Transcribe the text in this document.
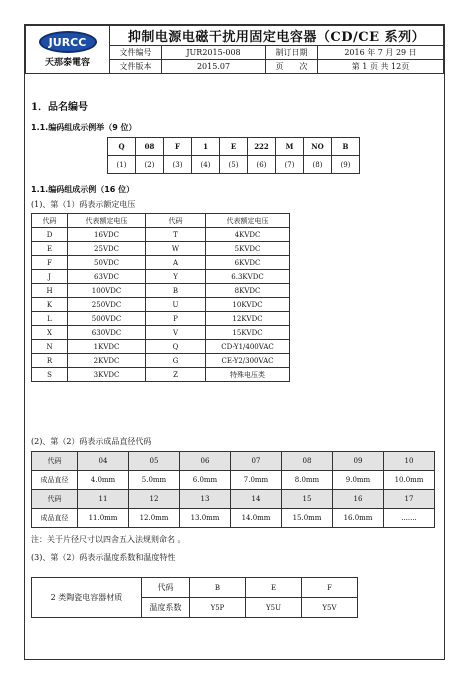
JURCC
天那泰電容	抑制电源电磁干扰用固定电容器（CD/CE 系列）			
	文件编号	JUR2015-008	制订日期	2016 年 7 月 29 日
	文件版本	2015.07	页　　次	第 1 页 共 12页
1．品名编号
1.1.编码组成示例举（9 位）
Q	08	F	1	E	222	M	NO	B
(1)	(2)	(3)	(4)	(5)	(6)	(7)	(8)	(9)
1.1.编码组成示例（16 位）
(1)、第（1）码表示额定电压
代码	代表额定电压	代码	代表额定电压
D	16VDC	T	4KVDC
E	25VDC	W	5KVDC
F	50VDC	A	6KVDC
J	63VDC	Y	6.3KVDC
H	100VDC	B	8KVDC
K	250VDC	U	10KVDC
L	500VDC	P	12KVDC
X	630VDC	V	15KVDC
N	1KVDC	Q	CD-Y1/400VAC
R	2KVDC	G	CE-Y2/300VAC
S	3KVDC	Z	特殊电压类
(2)、第（2）码表示成品直径代码
代码	04	05	06	07	08	09	10
成品直径	4.0mm	5.0mm	6.0mm	7.0mm	8.0mm	9.0mm	10.0mm
代码	11	12	13	14	15	16	17
成品直径	11.0mm	12.0mm	13.0mm	14.0mm	15.0mm	16.0mm	.......
注：关于片径尺寸以四舍五入法规则命名 。
(3)、第（2）码表示温度系数和温度特性
2 类陶瓷电容器材质	代码	B	E	F
	温度系数	Y5P	Y5U	Y5V
